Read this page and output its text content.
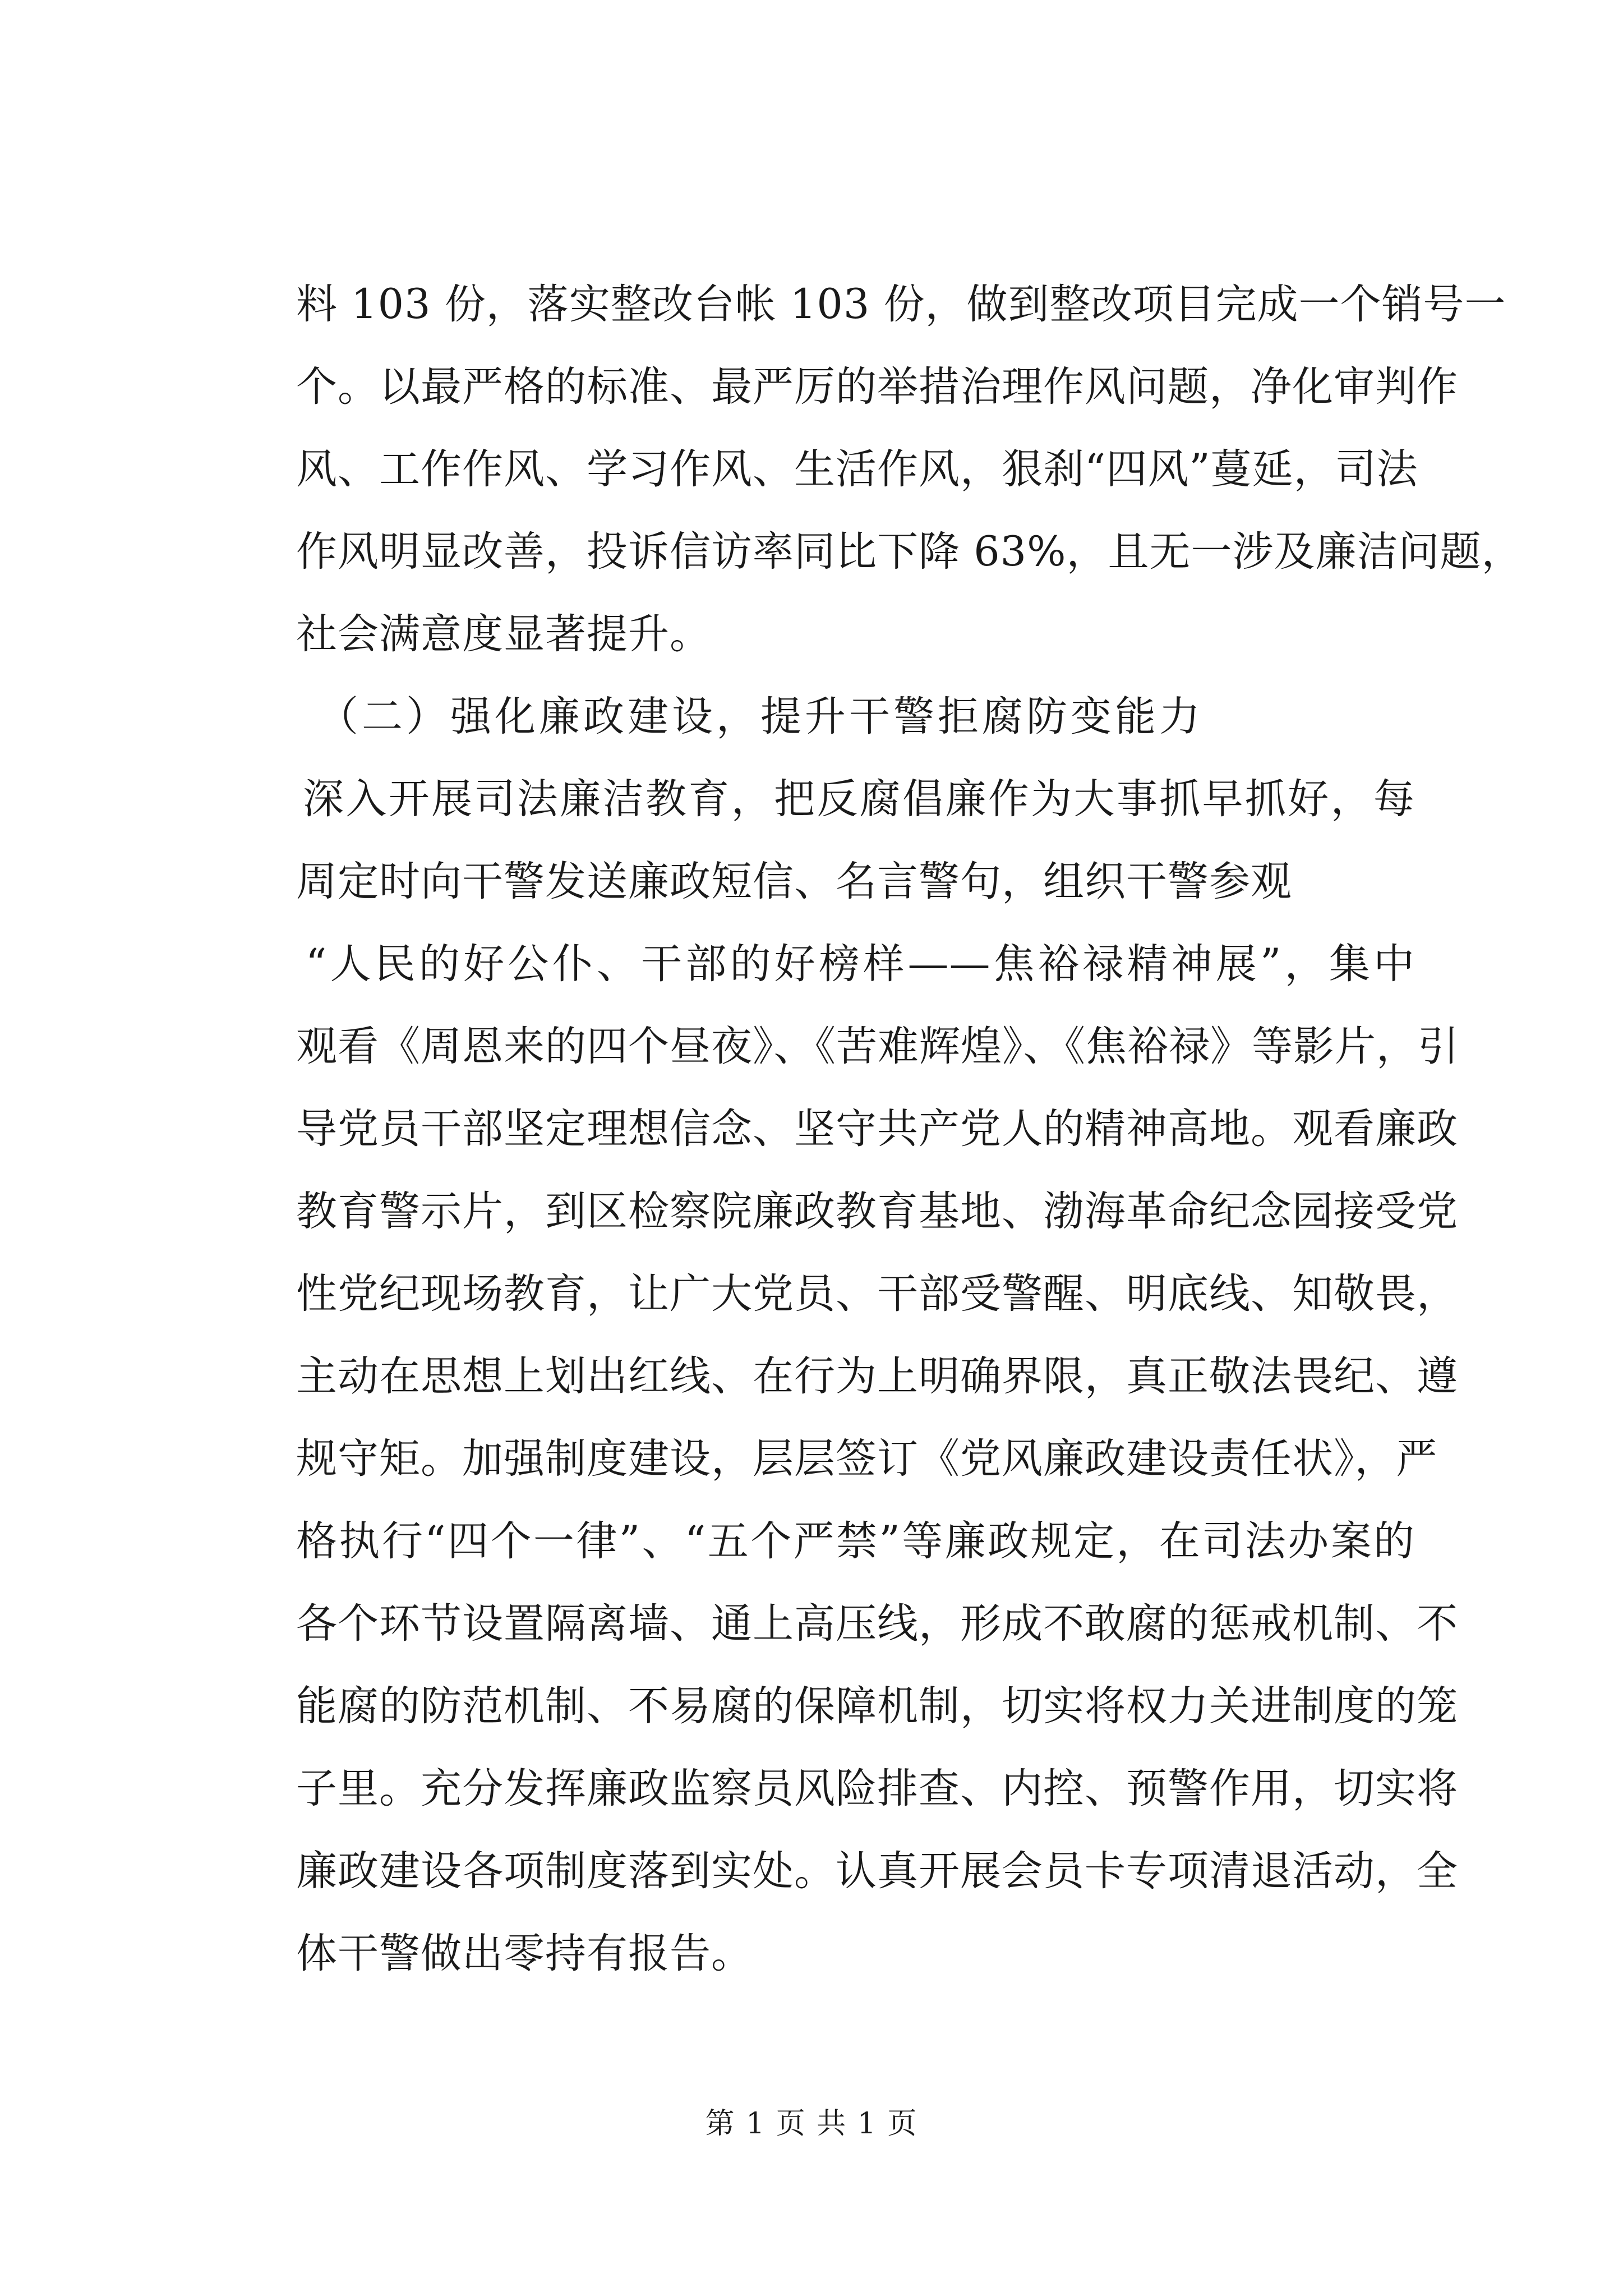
料 103 份，落实整改台帐 103 份，做到整改项目完成一个销号一
个。以最严格的标准、最严厉的举措治理作风问题，净化审判作
风、工作作风、学习作风、生活作风，狠刹“四风”蔓延，司法
作风明显改善，投诉信访率同比下降 63%，且无一涉及廉洁问题，
社会满意度显著提升。
（二）强化廉政建设，提升干警拒腐防变能力
深入开展司法廉洁教育，把反腐倡廉作为大事抓早抓好，每
周定时向干警发送廉政短信、名言警句，组织干警参观
“人民的好公仆、干部的好榜样——焦裕禄精神展”，集中
观看《周恩来的四个昼夜》、《苦难辉煌》、《焦裕禄》等影片，引
导党员干部坚定理想信念、坚守共产党人的精神高地。观看廉政
教育警示片，到区检察院廉政教育基地、渤海革命纪念园接受党
性党纪现场教育，让广大党员、干部受警醒、明底线、知敬畏，
主动在思想上划出红线、在行为上明确界限，真正敬法畏纪、遵
规守矩。加强制度建设，层层签订《党风廉政建设责任状》，严
格执行“四个一律”、“五个严禁”等廉政规定，在司法办案的
各个环节设置隔离墙、通上高压线，形成不敢腐的惩戒机制、不
能腐的防范机制、不易腐的保障机制，切实将权力关进制度的笼
子里。充分发挥廉政监察员风险排查、内控、预警作用，切实将
廉政建设各项制度落到实处。认真开展会员卡专项清退活动，全
体干警做出零持有报告。
第 1 页 共 1 页
